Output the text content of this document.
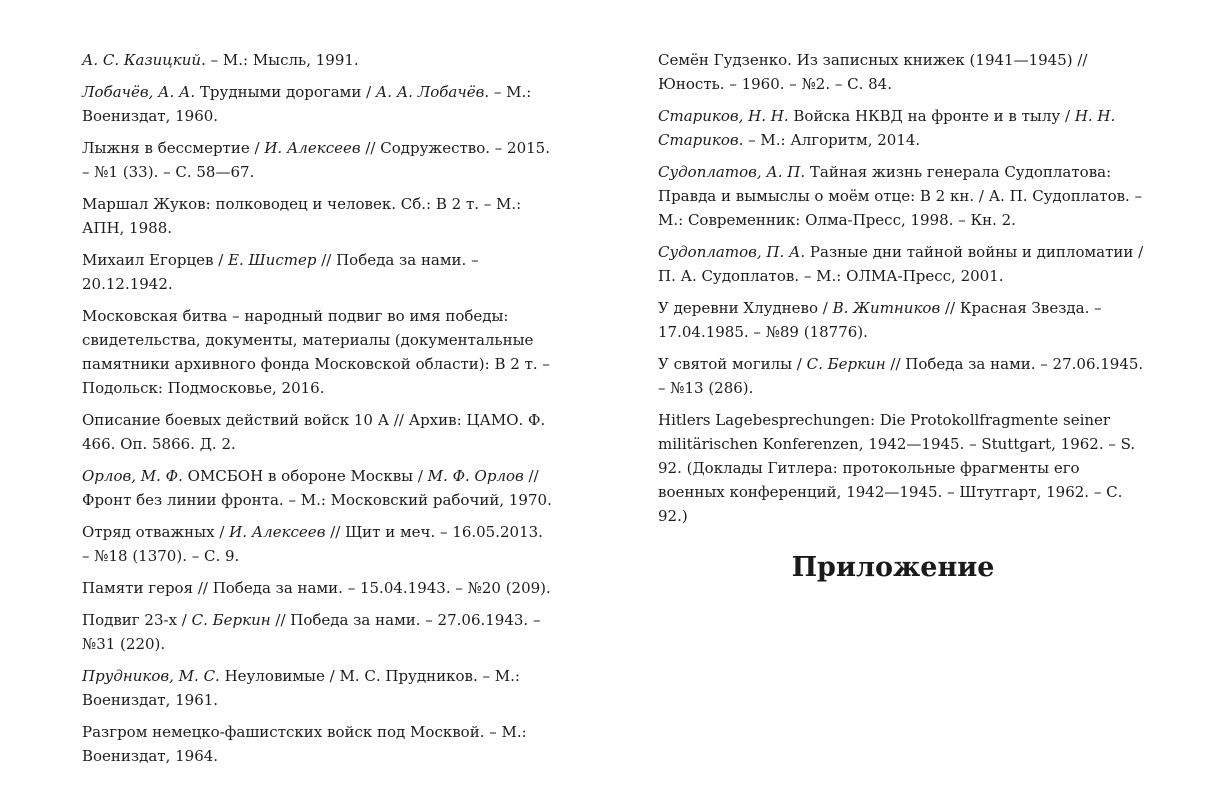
А. С. Казицкий. – М.: Мысль, 1991.

Лобачёв, А. А. Трудными дорогами / А. А. Лобачёв. – М.: Воениздат, 1960.

Лыжня в бессмертие / И. Алексеев // Содружество. – 2015. – №1 (33). – С. 58—67.

Маршал Жуков: полководец и человек. Сб.: В 2 т. – М.: АПН, 1988.

Михаил Егорцев / Е. Шистер // Победа за нами. – 20.12.1942.

Московская битва – народный подвиг во имя победы: свидетельства, документы, материалы (документальные памятники архивного фонда Московской области): В 2 т. – Подольск: Подмосковье, 2016.

Описание боевых действий войск 10 А // Архив: ЦАМО. Ф. 466. Оп. 5866. Д. 2.

Орлов, М. Ф. ОМСБОН в обороне Москвы / М. Ф. Орлов // Фронт без линии фронта. – М.: Московский рабочий, 1970.

Отряд отважных / И. Алексеев // Щит и меч. – 16.05.2013. – №18 (1370). – С. 9.

Памяти героя // Победа за нами. – 15.04.1943. – №20 (209).

Подвиг 23-х / С. Беркин // Победа за нами. – 27.06.1943. – №31 (220).

Прудников, М. С. Неуловимые / М. С. Прудников. – М.: Воениздат, 1961.

Разгром немецко-фашистских войск под Москвой. – М.: Воениздат, 1964.

Семён Гудзенко. Из записных книжек (1941—1945) // Юность. – 1960. – №2. – С. 84.

Стариков, Н. Н. Войска НКВД на фронте и в тылу / Н. Н. Стариков. – М.: Алгоритм, 2014.

Судоплатов, А. П. Тайная жизнь генерала Судоплатова: Правда и вымыслы о моём отце: В 2 кн. / А. П. Судоплатов. – М.: Современник: Олма-Пресс, 1998. – Кн. 2.

Судоплатов, П. А. Разные дни тайной войны и дипломатии / П. А. Судоплатов. – М.: ОЛМА-Пресс, 2001.

У деревни Хлуднево / В. Житников // Красная Звезда. – 17.04.1985. – №89 (18776).

У святой могилы / С. Беркин // Победа за нами. – 27.06.1945. – №13 (286).

Hitlers Lagebesprechungen: Die Protokollfragmente seiner militärischen Konferenzen, 1942—1945. – Stuttgart, 1962. – S. 92. (Доклады Гитлера: протокольные фрагменты его военных конференций, 1942—1945. – Штутгарт, 1962. – С. 92.)

Приложение
